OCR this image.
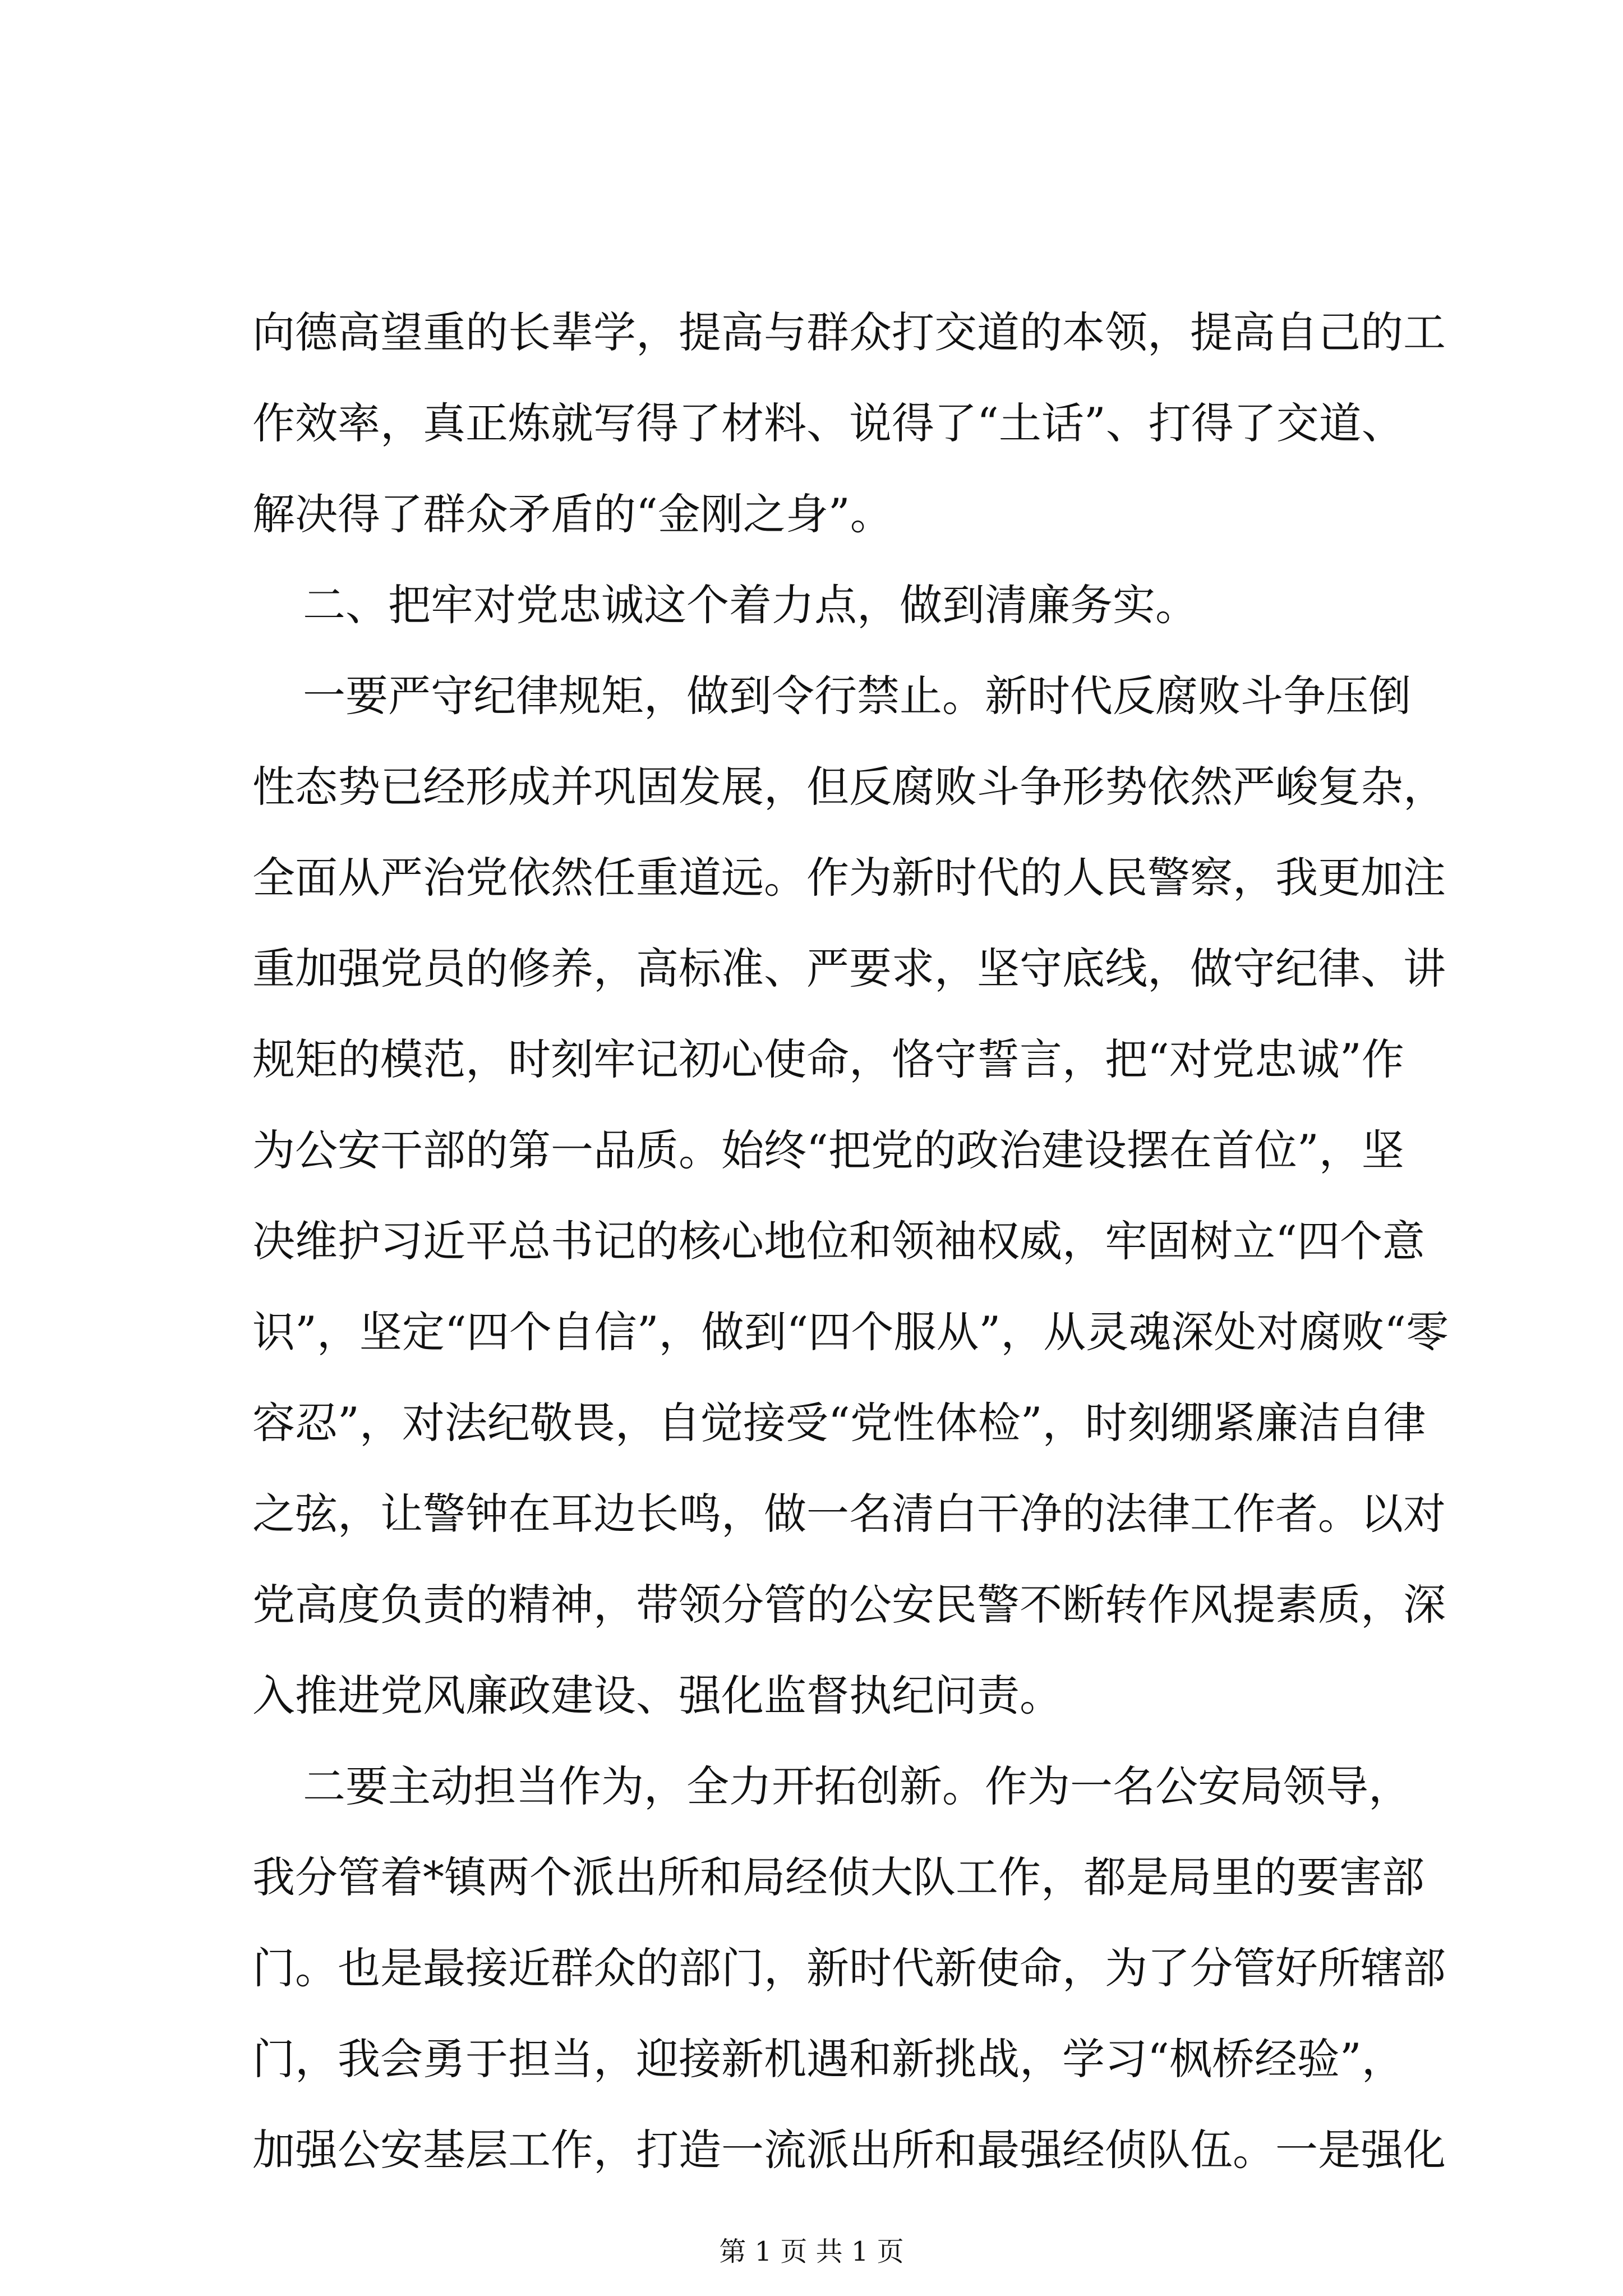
向德高望重的长辈学，提高与群众打交道的本领，提高自己的工
作效率，真正炼就写得了材料、说得了“土话”、打得了交道、
解决得了群众矛盾的“金刚之身”。
二、把牢对党忠诚这个着力点，做到清廉务实。
一要严守纪律规矩，做到令行禁止。新时代反腐败斗争压倒
性态势已经形成并巩固发展，但反腐败斗争形势依然严峻复杂，
全面从严治党依然任重道远。作为新时代的人民警察，我更加注
重加强党员的修养，高标准、严要求，坚守底线，做守纪律、讲
规矩的模范，时刻牢记初心使命，恪守誓言，把“对党忠诚”作
为公安干部的第一品质。始终“把党的政治建设摆在首位”，坚
决维护习近平总书记的核心地位和领袖权威，牢固树立“四个意
识”，坚定“四个自信”，做到“四个服从”，从灵魂深处对腐败“零
容忍”，对法纪敬畏，自觉接受“党性体检”，时刻绷紧廉洁自律
之弦，让警钟在耳边长鸣，做一名清白干净的法律工作者。以对
党高度负责的精神，带领分管的公安民警不断转作风提素质，深
入推进党风廉政建设、强化监督执纪问责。
二要主动担当作为，全力开拓创新。作为一名公安局领导，
我分管着*镇两个派出所和局经侦大队工作，都是局里的要害部
门。也是最接近群众的部门，新时代新使命，为了分管好所辖部
门，我会勇于担当，迎接新机遇和新挑战，学习“枫桥经验”，
加强公安基层工作，打造一流派出所和最强经侦队伍。一是强化
第 1 页 共 1 页
